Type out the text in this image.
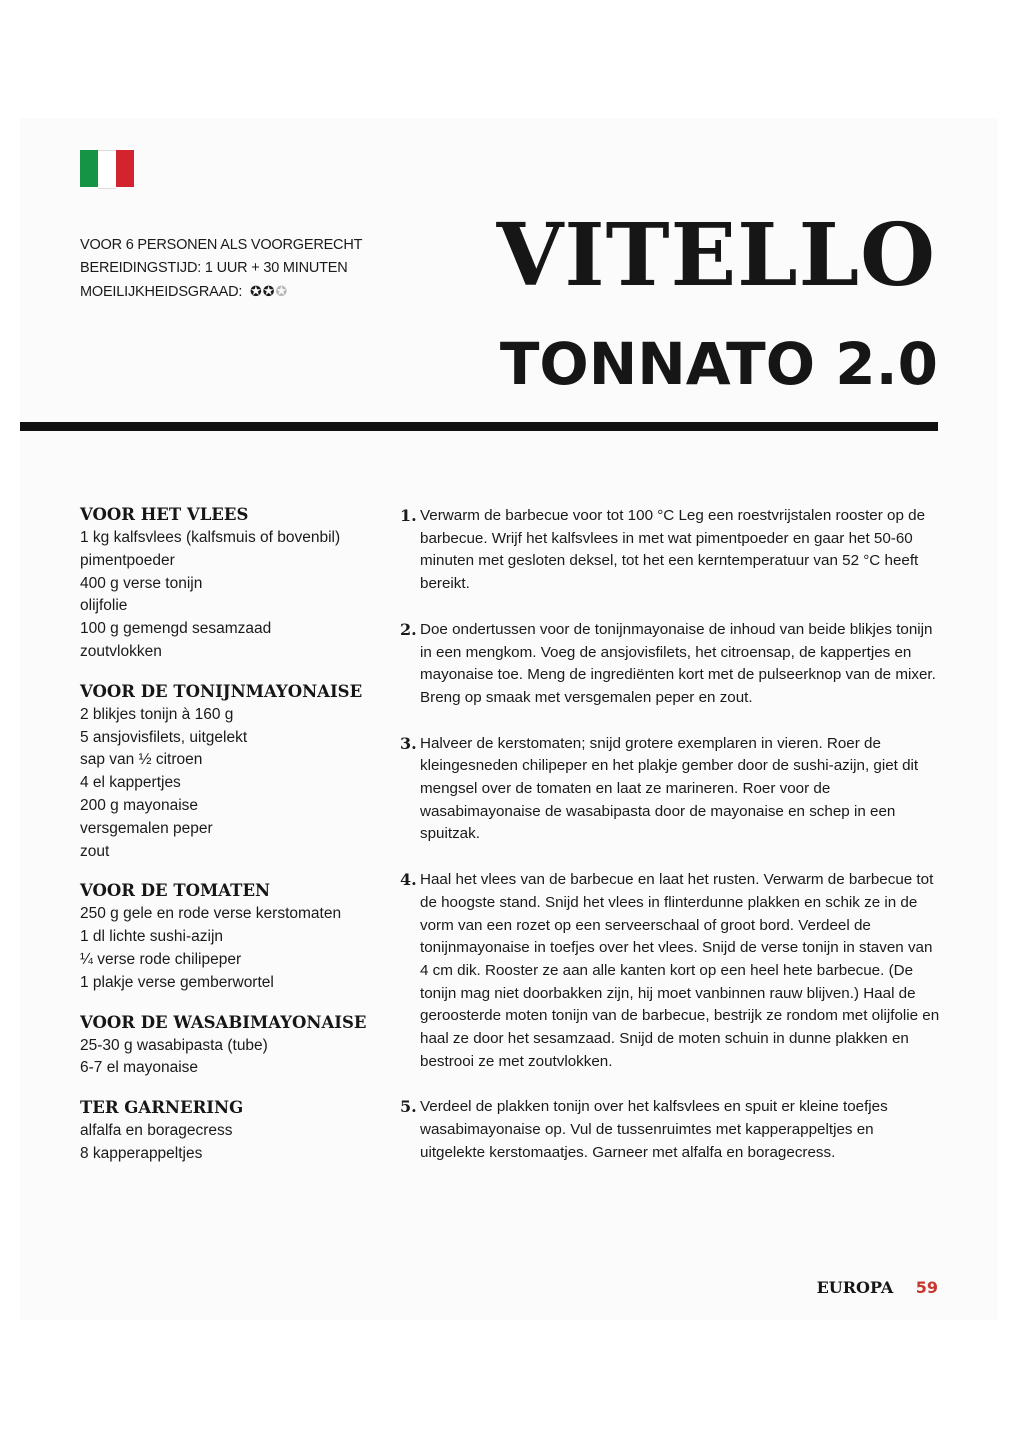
VOOR 6 PERSONEN ALS VOORGERECHT
BEREIDINGSTIJD: 1 UUR + 30 MINUTEN
MOEILIJKHEIDSGRAAD: ✪✪✪	VITELLO
TONNATO 2.0
VOOR HET VLEES
1 kg kalfsvlees (kalfsmuis of bovenbil)
pimentpoeder
400 g verse tonijn
olijfolie
100 g gemengd sesamzaad
zoutvlokken
VOOR DE TONIJNMAYONAISE
2 blikjes tonijn à 160 g
5 ansjovisfilets, uitgelekt
sap van ½ citroen
4 el kappertjes
200 g mayonaise
versgemalen peper
zout
VOOR DE TOMATEN
250 g gele en rode verse kerstomaten
1 dl lichte sushi-azijn
¼ verse rode chilipeper
1 plakje verse gemberwortel
VOOR DE WASABIMAYONAISE
25-30 g wasabipasta (tube)
6-7 el mayonaise
TER GARNERING
alfalfa en boragecress
8 kapperappeltjes
1. Verwarm de barbecue voor tot 100 °C Leg een roestvrijstalen rooster op de barbecue. Wrijf het kalfsvlees in met wat pimentpoeder en gaar het 50-60 minuten met gesloten deksel, tot het een kerntemperatuur van 52 °C heeft bereikt.
2. Doe ondertussen voor de tonijnmayonaise de inhoud van beide blikjes tonijn in een mengkom. Voeg de ansjovisfilets, het citroensap, de kappertjes en mayonaise toe. Meng de ingrediënten kort met de pulseerknop van de mixer. Breng op smaak met versgemalen peper en zout.
3. Halveer de kerstomaten; snijd grotere exemplaren in vieren. Roer de kleingesneden chilipeper en het plakje gember door de sushi-azijn, giet dit mengsel over de tomaten en laat ze marineren. Roer voor de wasabimayonaise de wasabipasta door de mayonaise en schep in een spuitzak.
4. Haal het vlees van de barbecue en laat het rusten. Verwarm de barbecue tot de hoogste stand. Snijd het vlees in flinterdunne plakken en schik ze in de vorm van een rozet op een serveerschaal of groot bord. Verdeel de tonijnmayonaise in toefjes over het vlees. Snijd de verse tonijn in staven van 4 cm dik. Rooster ze aan alle kanten kort op een heel hete barbecue. (De tonijn mag niet doorbakken zijn, hij moet vanbinnen rauw blijven.) Haal de geroosterde moten tonijn van de barbecue, bestrijk ze rondom met olijfolie en haal ze door het sesamzaad. Snijd de moten schuin in dunne plakken en bestrooi ze met zoutvlokken.
5. Verdeel de plakken tonijn over het kalfsvlees en spuit er kleine toefjes wasabimayonaise op. Vul de tussenruimtes met kapperappeltjes en uitgelekte kerstomaatjes. Garneer met alfalfa en boragecress.
EUROPA 59
